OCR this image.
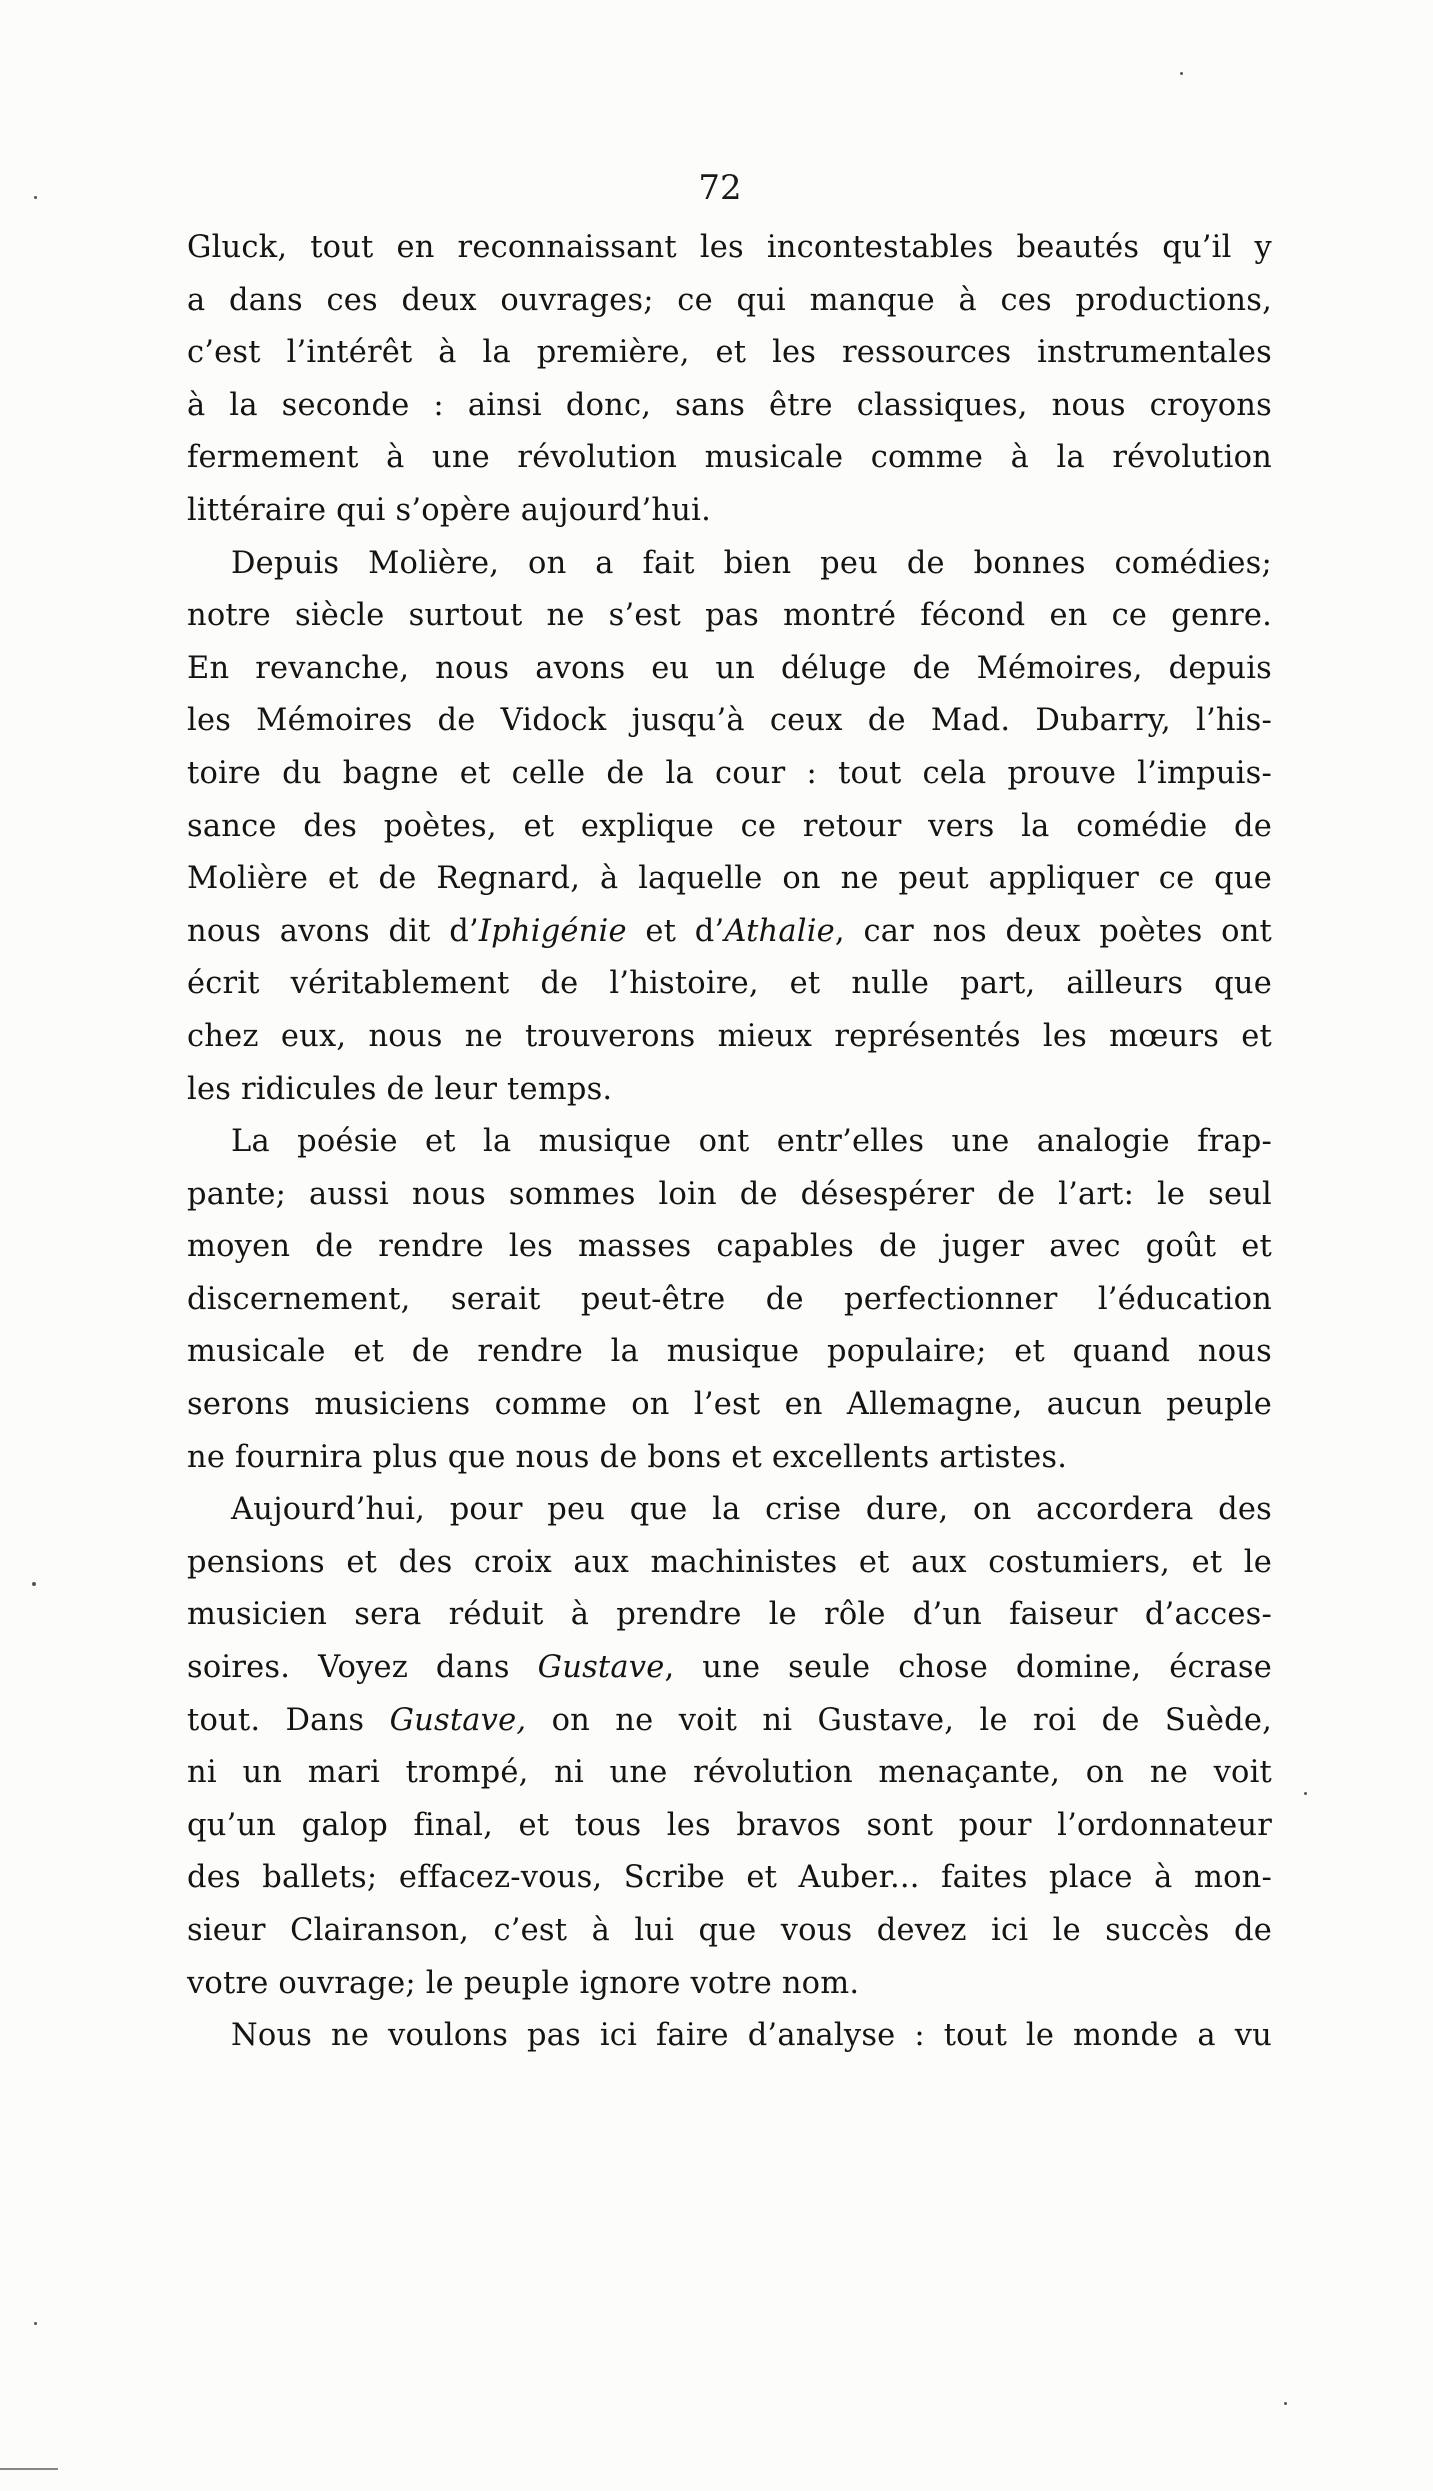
72
Gluck, tout en reconnaissant les incontestables beautés qu’il y
a dans ces deux ouvrages; ce qui manque à ces productions,
c’est l’intérêt à la première, et les ressources instrumentales
à la seconde : ainsi donc, sans être classiques, nous croyons
fermement à une révolution musicale comme à la révolution
littéraire qui s’opère aujourd’hui.
Depuis Molière, on a fait bien peu de bonnes comédies;
notre siècle surtout ne s’est pas montré fécond en ce genre.
En revanche, nous avons eu un déluge de Mémoires, depuis
les Mémoires de Vidock jusqu’à ceux de Mad. Dubarry, l’his-
toire du bagne et celle de la cour : tout cela prouve l’impuis-
sance des poètes, et explique ce retour vers la comédie de
Molière et de Regnard, à laquelle on ne peut appliquer ce que
nous avons dit d’Iphigénie et d’Athalie, car nos deux poètes ont
écrit véritablement de l’histoire, et nulle part, ailleurs que
chez eux, nous ne trouverons mieux représentés les mœurs et
les ridicules de leur temps.
La poésie et la musique ont entr’elles une analogie frap-
pante; aussi nous sommes loin de désespérer de l’art: le seul
moyen de rendre les masses capables de juger avec goût et
discernement, serait peut-être de perfectionner l’éducation
musicale et de rendre la musique populaire; et quand nous
serons musiciens comme on l’est en Allemagne, aucun peuple
ne fournira plus que nous de bons et excellents artistes.
Aujourd’hui, pour peu que la crise dure, on accordera des
pensions et des croix aux machinistes et aux costumiers, et le
musicien sera réduit à prendre le rôle d’un faiseur d’acces-
soires. Voyez dans Gustave, une seule chose domine, écrase
tout. Dans Gustave, on ne voit ni Gustave, le roi de Suède,
ni un mari trompé, ni une révolution menaçante, on ne voit
qu’un galop final, et tous les bravos sont pour l’ordonnateur
des ballets; effacez-vous, Scribe et Auber... faites place à mon-
sieur Clairanson, c’est à lui que vous devez ici le succès de
votre ouvrage; le peuple ignore votre nom.
Nous ne voulons pas ici faire d’analyse : tout le monde a vu
